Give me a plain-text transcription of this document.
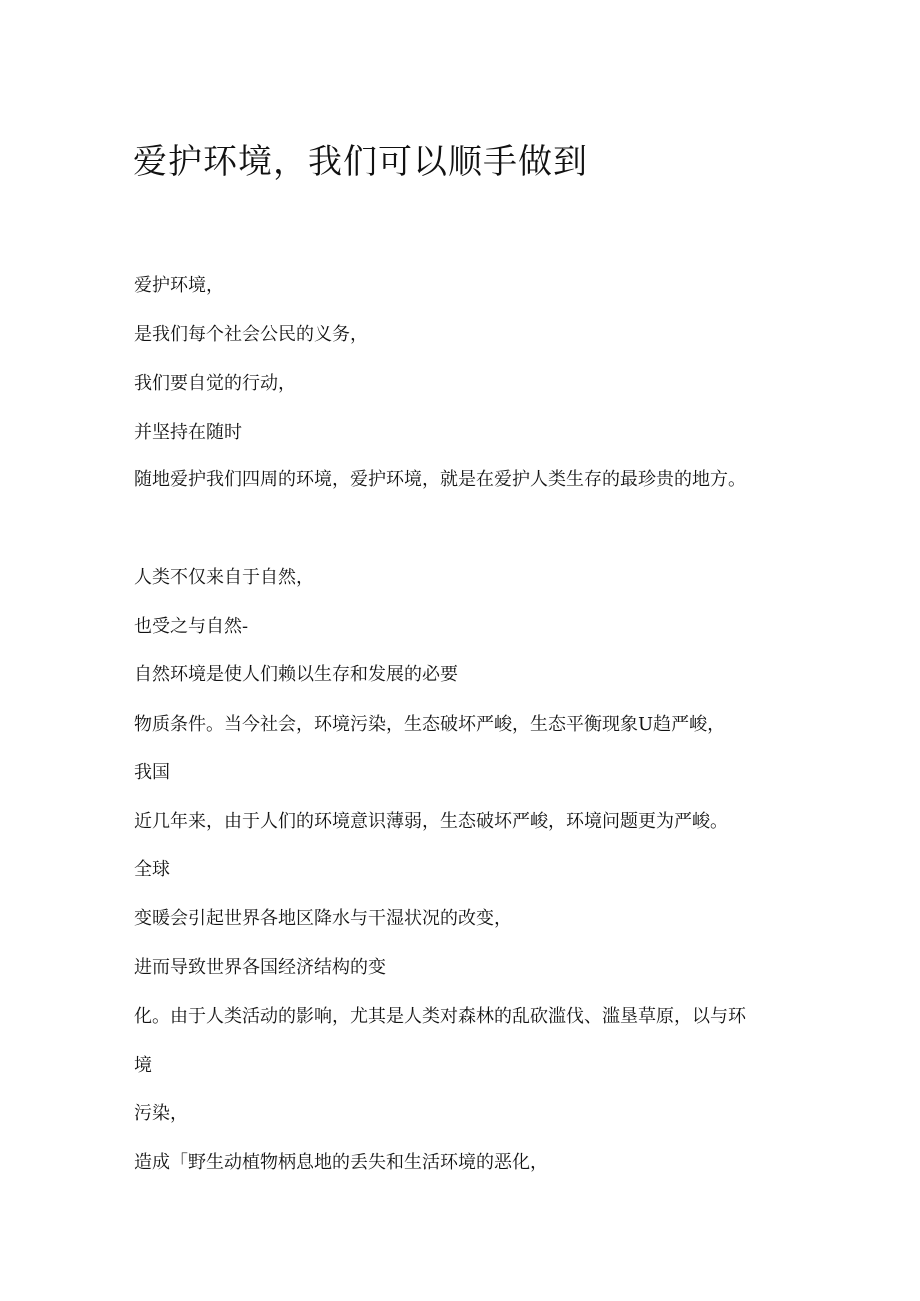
爱护环境，我们可以顺手做到

爱护环境，

是我们每个社会公民的义务，

我们要自觉的行动，

并坚持在随时

随地爱护我们四周的环境，爱护环境，就是在爱护人类生存的最珍贵的地方。

人类不仅来自于自然，

也受之与自然-

自然环境是使人们赖以生存和发展的必要

物质条件。当今社会，环境污染，生态破坏严峻，生态平衡现象U趋严峻，

我国

近几年来，由于人们的环境意识薄弱，生态破坏严峻，环境问题更为严峻。

全球

变暖会引起世界各地区降水与干湿状况的改变，

进而导致世界各国经济结构的变

化。由于人类活动的影响，尤其是人类对森林的乱砍滥伐、滥垦草原，以与环

境

污染，

造成「野生动植物柄息地的丢失和生活环境的恶化，
